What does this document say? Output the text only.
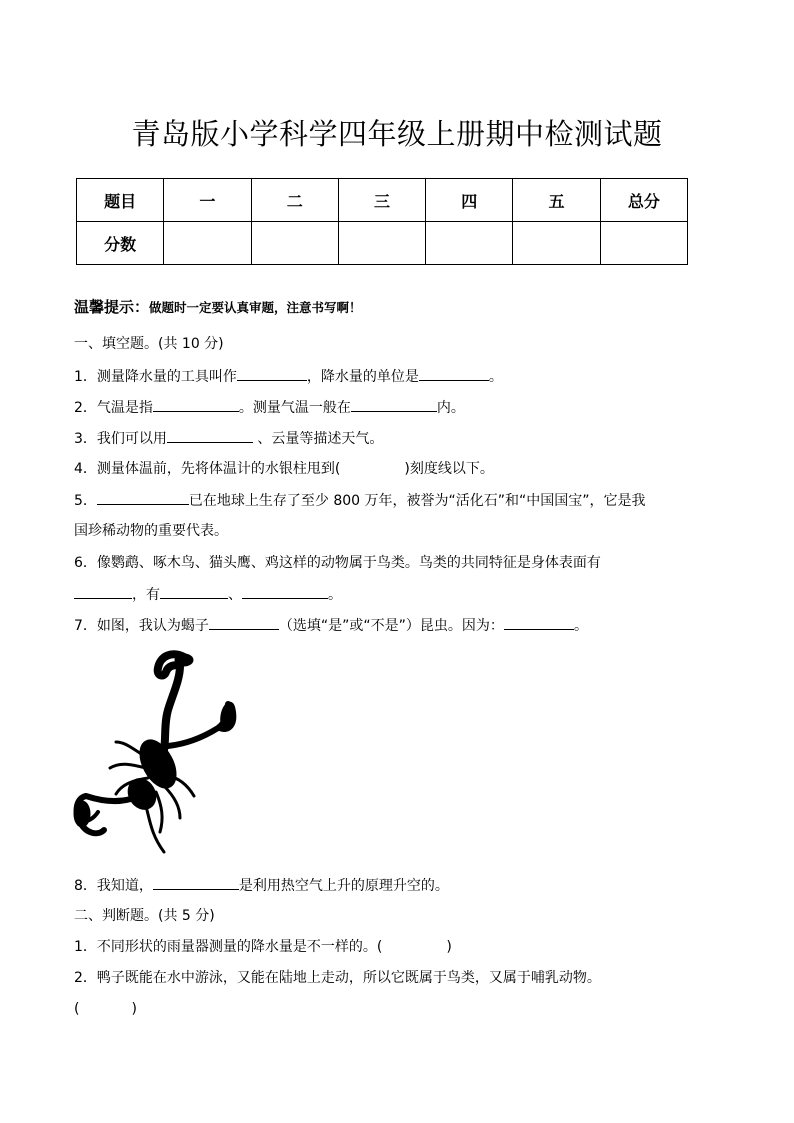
青岛版小学科学四年级上册期中检测试题
题目	一	二	三	四	五	总分
分数						
温馨提示：做题时一定要认真审题，注意书写啊！
一、填空题。(共 10 分)
1．测量降水量的工具叫作	，降水量的单位是	。
2．气温是指	。测量气温一般在	内。
3．我们可以用	、云量等描述天气。
4．测量体温前，先将体温计的水银柱甩到(	)刻度线以下。
5．	已在地球上生存了至少 800 万年，被誉为“活化石”和“中国国宝”，它是我
国珍稀动物的重要代表。
6．像鹦鹉、啄木鸟、猫头鹰、鸡这样的动物属于鸟类。鸟类的共同特征是身体表面有
，有	、	。
7．如图，我认为蝎子	（选填“是”或“不是”）昆虫。因为：	。
8．我知道，	是利用热空气上升的原理升空的。
二、判断题。(共 5 分)
1．不同形状的雨量器测量的降水量是不一样的。(	)
2．鸭子既能在水中游泳，又能在陆地上走动，所以它既属于鸟类，又属于哺乳动物。
(	)
